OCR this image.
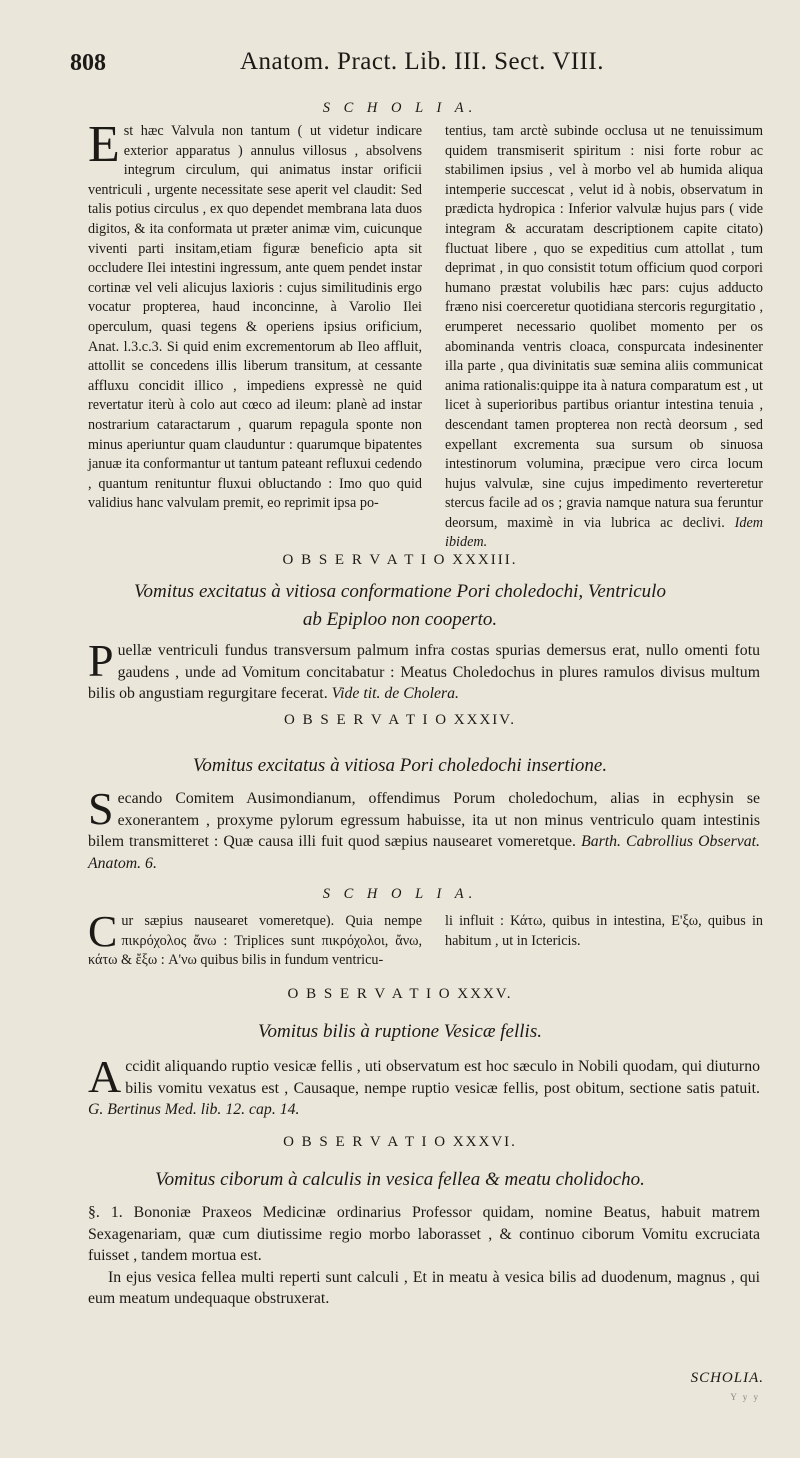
808	Anatom. Pract. Lib. III. Sect. VIII.
S C H O L I A.

Est hæc Valvula non tantum ( ut videtur indicare exterior apparatus ) annulus villosus , absolvens integrum circulum, qui animatus instar orificii ventriculi , urgente necessitate sese aperit vel claudit: Sed talis potius circulus , ex quo dependet membrana lata duos digitos, & ita conformata ut præter animæ vim, cuicunque viventi parti insitam,etiam figuræ beneficio apta sit occludere Ilei intestini ingressum, ante quem pendet instar cortinæ vel veli alicujus laxioris : cujus similitudinis ergo vocatur propterea, haud inconcinne, à Varolio Ilei operculum, quasi tegens & operiens ipsius orificium, Anat. l.3.c.3. Si quid enim excrementorum ab Ileo affluit, attollit se concedens illis liberum transitum, at cessante affluxu concidit illico , impediens expressè ne quid revertatur iterù à colo aut cœco ad ileum: planè ad instar nostrarium cataractarum , quarum repagula sponte non minus aperiuntur quam clauduntur : quarumque bipatentes januæ ita conformantur ut tantum pateant refluxui cedendo , quantum renituntur fluxui obluctando : Imo quo quid validius hanc valvulam premit, eo reprimit ipsa po-

tentius, tam arctè subinde occlusa ut ne tenuissimum quidem transmiserit spiritum : nisi forte robur ac stabilimen ipsius , vel à morbo vel ab humida aliqua intemperie succescat , velut id à nobis, observatum in prædicta hydropica : Inferior valvulæ hujus pars ( vide integram & accuratam descriptionem capite citato) fluctuat libere , quo se expeditius cum attollat , tum deprimat , in quo consistit totum officium quod corpori humano præstat volubilis hæc pars: cujus adducto fræno nisi coerceretur quotidiana stercoris regurgitatio , erumperet necessario quolibet momento per os abominanda ventris cloaca, conspurcata indesinenter illa parte , qua divinitatis suæ semina aliis communicat anima rationalis:quippe ita à natura comparatum est , ut licet à superioribus partibus oriantur intestina tenuia , descendant tamen propterea non rectà deorsum , sed expellant excrementa sua sursum ob sinuosa intestinorum volumina, præcipue vero circa locum hujus valvulæ, sine cujus impedimento reverteretur stercus facile ad os ; gravia namque natura sua feruntur deorsum, maximè in via lubrica ac declivi. Idem ibidem.

O B S E R V A T I O XXXIII.
Vomitus excitatus à vitiosa conformatione Pori choledochi, Ventriculo
ab Epiploo non cooperto.

Puellæ ventriculi fundus transversum palmum infra costas spurias demersus erat, nullo omenti fotu gaudens , unde ad Vomitum concitabatur : Meatus Choledochus in plures ramulos divisus multum bilis ob angustiam regurgitare fecerat. Vide tit. de Cholera.

O B S E R V A T I O XXXIV.
Vomitus excitatus à vitiosa Pori choledochi insertione.

Secando Comitem Ausimondianum, offendimus Porum choledochum, alias in ecphysin se exonerantem , proxyme pylorum egressum habuisse, ita ut non minus ventriculo quam intestinis bilem transmitteret : Quæ causa illi fuit quod sæpius nausearet vomeretque. Barth. Cabrollius Observat. Anatom. 6.

S C H O L I A.

Cur sæpius nausearet vomeretque). Quia nempe πικρόχολος ἄνω : Triplices sunt πικρόχολοι, ἄνω, κάτω & ἔξω : A'νω quibus bilis in fundum ventricu-

li influit : Κάτω, quibus in intestina, E'ξω, quibus in habitum , ut in Ictericis.

O B S E R V A T I O XXXV.
Vomitus bilis à ruptione Vesicæ fellis.

Accidit aliquando ruptio vesicæ fellis , uti observatum est hoc sæculo in Nobili quodam, qui diuturno bilis vomitu vexatus est , Causaque, nempe ruptio vesicæ fellis, post obitum, sectione satis patuit. G. Bertinus Med. lib. 12. cap. 14.

O B S E R V A T I O XXXVI.
Vomitus ciborum à calculis in vesica fellea & meatu cholidocho.

§. 1. Bononiæ Praxeos Medicinæ ordinarius Professor quidam, nomine Beatus, habuit matrem Sexagenariam, quæ cum diutissime regio morbo laborasset , & continuo ciborum Vomitu excruciata fuisset , tandem mortua est.

In ejus vesica fellea multi reperti sunt calculi , Et in meatu à vesica bilis ad duodenum, magnus , qui eum meatum undequaque obstruxerat.

SCHOLIA.
Y y y
